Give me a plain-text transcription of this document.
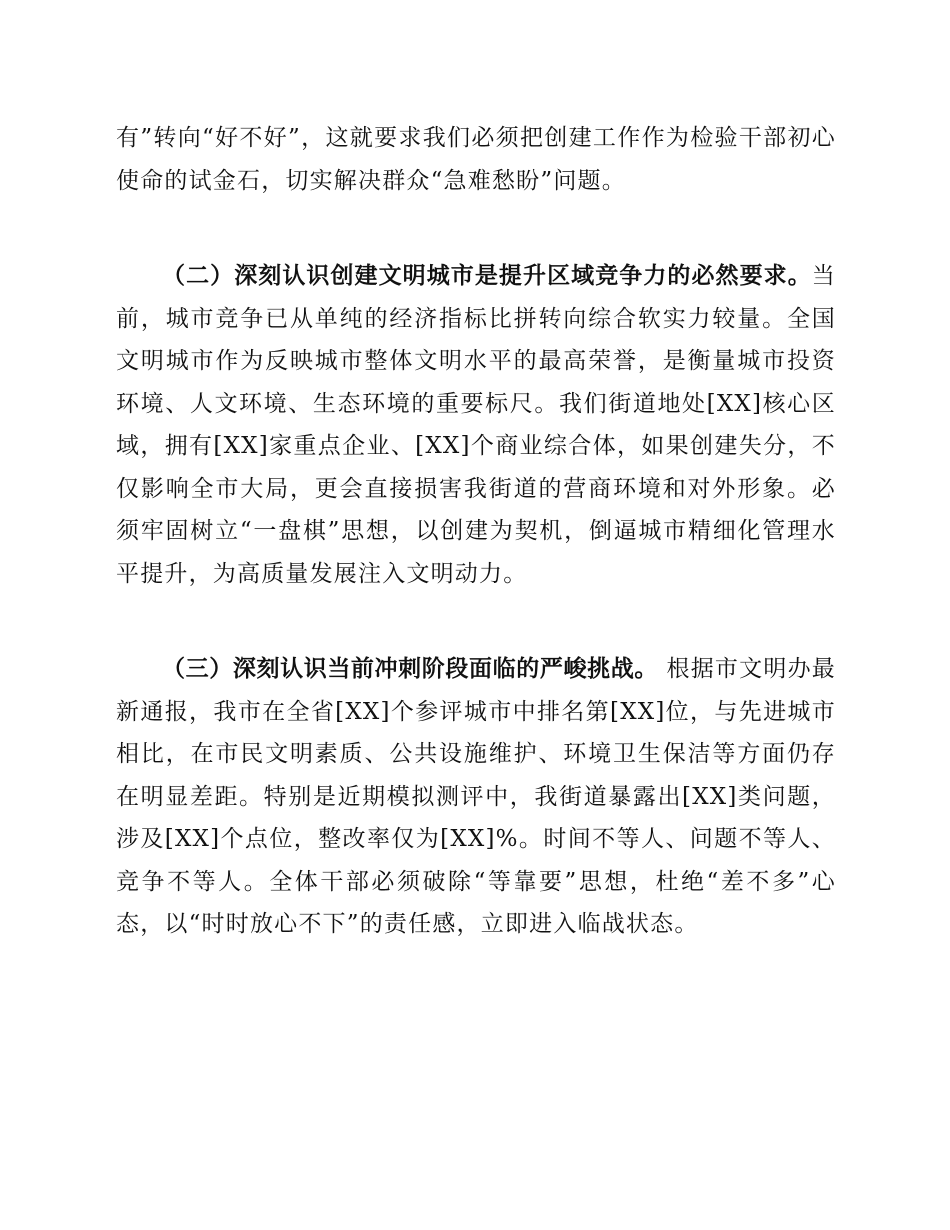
有”转向“好不好”，这就要求我们必须把创建工作作为检验干部初心使命的试金石，切实解决群众“急难愁盼”问题。

（二）深刻认识创建文明城市是提升区域竞争力的必然要求。当前，城市竞争已从单纯的经济指标比拼转向综合软实力较量。全国文明城市作为反映城市整体文明水平的最高荣誉，是衡量城市投资环境、人文环境、生态环境的重要标尺。我们街道地处[XX]核心区域，拥有[XX]家重点企业、[XX]个商业综合体，如果创建失分，不仅影响全市大局，更会直接损害我街道的营商环境和对外形象。必须牢固树立“一盘棋”思想，以创建为契机，倒逼城市精细化管理水平提升，为高质量发展注入文明动力。

（三）深刻认识当前冲刺阶段面临的严峻挑战。 根据市文明办最新通报，我市在全省[XX]个参评城市中排名第[XX]位，与先进城市相比，在市民文明素质、公共设施维护、环境卫生保洁等方面仍存在明显差距。特别是近期模拟测评中，我街道暴露出[XX]类问题，涉及[XX]个点位，整改率仅为[XX]%。时间不等人、问题不等人、竞争不等人。全体干部必须破除“等靠要”思想，杜绝“差不多”心态，以“时时放心不下”的责任感，立即进入临战状态。
